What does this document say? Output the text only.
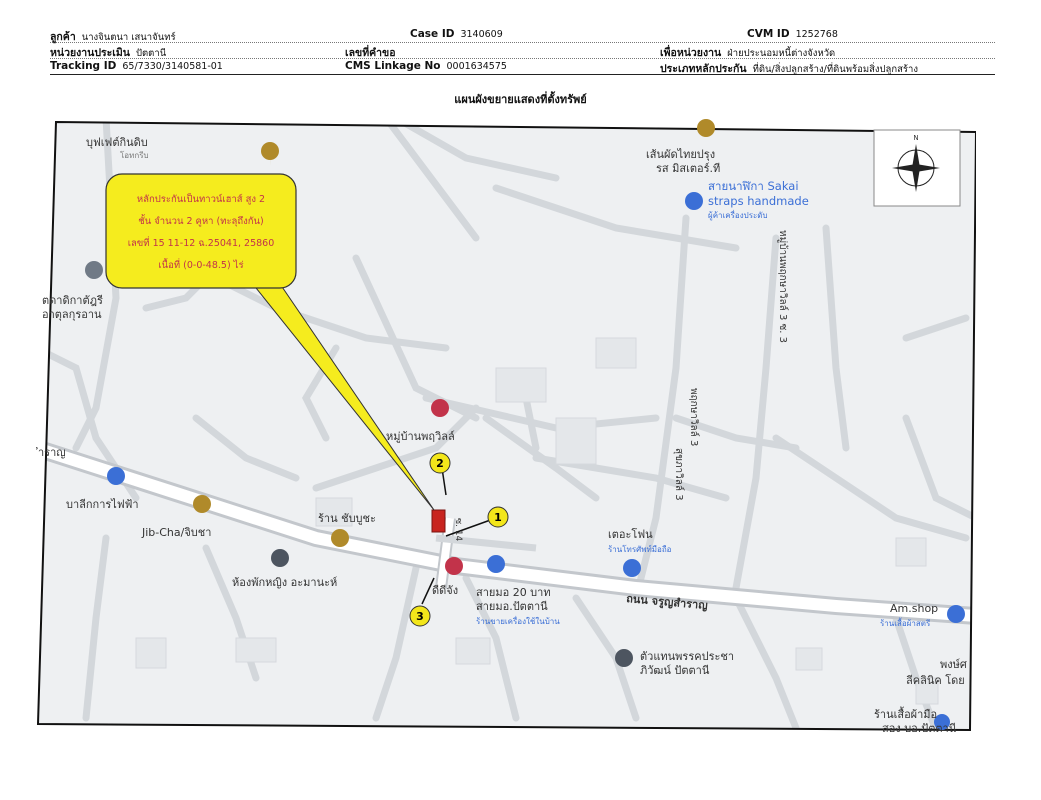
ลูกค้า นางจินตนา เสนาจันทร์	Case ID 3140609	CVM ID 1252768
หน่วยงานประเมิน ปัตตานี	เลขที่คำขอ	เพื่อหน่วยงาน ฝ่ายประนอมหนี้ต่างจังหวัด
Tracking ID 65/7330/3140581-01	CMS Linkage No 0001634575	ประเภทหลักประกัน ที่ดิน/สิ่งปลูกสร้าง/ที่ดินพร้อมสิ่งปลูกสร้าง
แผนผังขยายแสดงที่ตั้งทรัพย์
หลักประกันเป็นทาวน์เฮาส์ สูง 2
ชั้น จำนวน 2 คูหา (ทะลุถึงกัน)
เลขที่ 15 11-12 ฉ.25041, 25860
เนื้อที่ (0-0-48.5) ไร่
N
1
2
3
บุฟเฟต์กินดิบ
โอทกรีบ	เส้นผัดไทยปรุง
รส มิสเตอร์.ที
สายนาฬิกา Sakai
straps handmade
ผู้ค้าเครื่องประดับ
ตดาดิกาตัฎรี
อาตุลกุรอาน
หมู่บ้านพฤวิลล์
ำราญ
บาลีกการไฟฟ้า
Jib-Cha/จิบชา
ร้าน ชับบูชะ
ห้องพักหญิง อะมานะห์
ดีดีจัง สายมอ 20 บาท
สายมอ.ปัตตานี
ร้านขายเครื่องใช้ในบ้าน
เตอะโฟน
ร้านโทรศัพท์มือถือ
ถนน จรูญสำราญ
พฤกษาวิลล์ 3
สุขภาวิลล์ 3
หมู่บ้านพฤกษาวิลล์ 3 ซ. 3
ซ. 14
ตัวแทนพรรคประชา
ภิวัฒน์ ปัตตานี
Am.shop
ร้านเสื้อผ้าสตรี
พงษ์ศ
ลีคลินิค โดย
ร้านเสื้อผ้ามือ
สอง บอ.ปัตตานี
